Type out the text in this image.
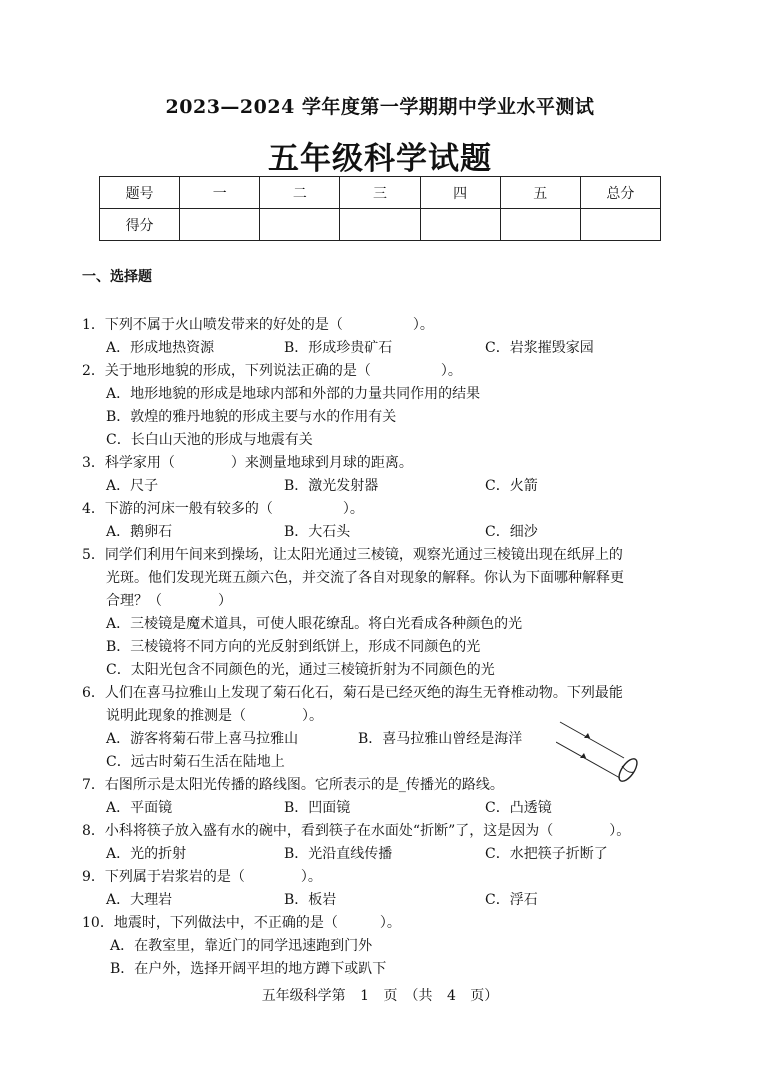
2023—2024 学年度第一学期期中学业水平测试
五年级科学试题
题号	一	二	三	四	五	总分
得分						
一、选择题
1．下列不属于火山喷发带来的好处的是（　　　　　）。
A．形成地热资源	B．形成珍贵矿石	C．岩浆摧毁家园
2．关于地形地貌的形成，下列说法正确的是（　　　　　）。
A．地形地貌的形成是地球内部和外部的力量共同作用的结果
B．敦煌的雅丹地貌的形成主要与水的作用有关
C．长白山天池的形成与地震有关
3．科学家用（　　　　）来测量地球到月球的距离。
A．尺子	B．激光发射器	C．火箭
4．下游的河床一般有较多的（　　　　　）。
A．鹅卵石	B．大石头	C．细沙
5．同学们利用午间来到操场，让太阳光通过三棱镜，观察光通过三棱镜出现在纸屏上的
光斑。他们发现光斑五颜六色，并交流了各自对现象的解释。你认为下面哪种解释更
合理？（　　　　）
A．三棱镜是魔术道具，可使人眼花缭乱。将白光看成各种颜色的光
B．三棱镜将不同方向的光反射到纸饼上，形成不同颜色的光
C．太阳光包含不同颜色的光，通过三棱镜折射为不同颜色的光
6．人们在喜马拉雅山上发现了菊石化石，菊石是已经灭绝的海生无脊椎动物。下列最能
说明此现象的推测是（　　　　）。
A．游客将菊石带上喜马拉雅山	B．喜马拉雅山曾经是海洋
C．远古时菊石生活在陆地上
7．右图所示是太阳光传播的路线图。它所表示的是_传播光的路线。
A．平面镜	B．凹面镜	C．凸透镜
8．小科将筷子放入盛有水的碗中，看到筷子在水面处“折断”了，这是因为（　　　　）。
A．光的折射	B．光沿直线传播	C．水把筷子折断了
9．下列属于岩浆岩的是（　　　　）。
A．大理岩	B．板岩	C．浮石
10．地震时，下列做法中，不正确的是（　　　）。
A．在教室里，靠近门的同学迅速跑到门外
B．在户外，选择开阔平坦的地方蹲下或趴下
五年级科学第 1 页　（共 4 页）
